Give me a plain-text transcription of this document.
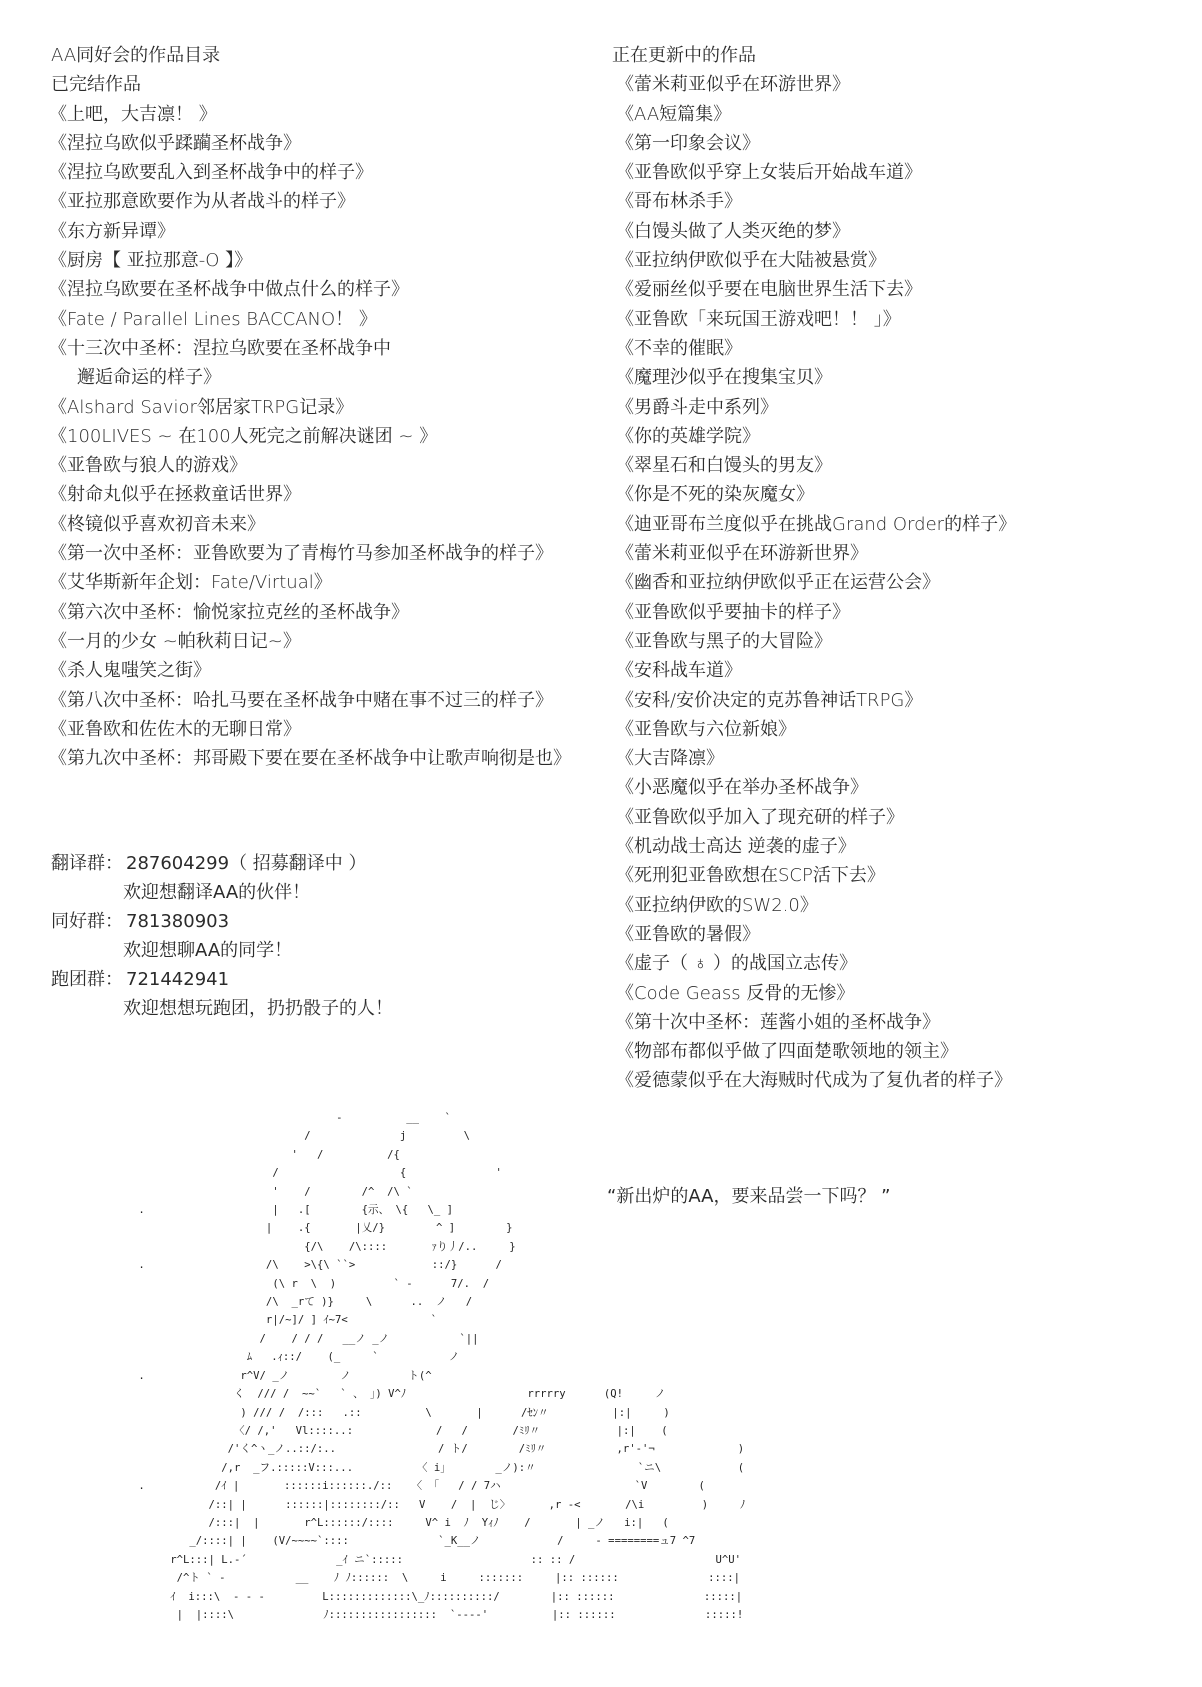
AA同好会的作品目录
已完结作品
《上吧，大吉凛！ 》
《涅拉乌欧似乎蹂躏圣杯战争》
《涅拉乌欧要乱入到圣杯战争中的样子》
《亚拉那意欧要作为从者战斗的样子》
《东方新异谭》
《厨房【 亚拉那意-O 】》
《涅拉乌欧要在圣杯战争中做点什么的样子》
《Fate / Parallel Lines BACCANO！ 》
《十三次中圣杯：涅拉乌欧要在圣杯战争中
邂逅命运的样子》
《Alshard Savior邻居家TRPG记录》
《100LIVES ~ 在100人死完之前解决谜团 ~ 》
《亚鲁欧与狼人的游戏》
《射命丸似乎在拯救童话世界》
《柊镜似乎喜欢初音未来》
《第一次中圣杯：亚鲁欧要为了青梅竹马参加圣杯战争的样子》
《艾华斯新年企划：Fate/Virtual》
《第六次中圣杯：愉悦家拉克丝的圣杯战争》
《一月的少女 ~帕秋莉日记~》
《杀人鬼嗤笑之街》
《第八次中圣杯：哈扎马要在圣杯战争中赌在事不过三的样子》
《亚鲁欧和佐佐木的无聊日常》
《第九次中圣杯：邦哥殿下要在要在圣杯战争中让歌声响彻是也》
正在更新中的作品
《蕾米莉亚似乎在环游世界》
《AA短篇集》
《第一印象会议》
《亚鲁欧似乎穿上女装后开始战车道》
《哥布林杀手》
《白馒头做了人类灭绝的梦》
《亚拉纳伊欧似乎在大陆被悬赏》
《爱丽丝似乎要在电脑世界生活下去》
《亚鲁欧「来玩国王游戏吧！！ 」》
《不幸的催眠》
《魔理沙似乎在搜集宝贝》
《男爵斗走中系列》
《你的英雄学院》
《翠星石和白馒头的男友》
《你是不死的染灰魔女》
《迪亚哥布兰度似乎在挑战Grand Order的样子》
《蕾米莉亚似乎在环游新世界》
《幽香和亚拉纳伊欧似乎正在运营公会》
《亚鲁欧似乎要抽卡的样子》
《亚鲁欧与黑子的大冒险》
《安科战车道》
《安科/安价决定的克苏鲁神话TRPG》
《亚鲁欧与六位新娘》
《大吉降凛》
《小恶魔似乎在举办圣杯战争》
《亚鲁欧似乎加入了现充研的样子》
《机动战士高达 逆袭的虚子》
《死刑犯亚鲁欧想在SCP活下去》
《亚拉纳伊欧的SW2.0》
《亚鲁欧的暑假》
《虚子（ ♁ ）的战国立志传》
《Code Geass 反骨的无惨》
《第十次中圣杯：莲酱小姐的圣杯战争》
《物部布都似乎做了四面楚歌领地的领主》
《爱德蒙似乎在大海贼时代成为了复仇者的样子》
翻译群： 287604299（ 招募翻译中 ）
欢迎想翻译AA的伙伴！
同好群： 781380903
欢迎想聊AA的同学！
跑团群： 721442941
欢迎想想玩跑团，扔扔骰子的人！
“新出炉的AA，要来品尝一下吗？ ”
-          __    `
/              j         \
'   /          /{
/                   {              '
'    /        /^  /\ `
.                    |   .[        {示、 \{   \_ ]
|    .{       |乂/}        ^ ]        }
{/\    /\::::       ｧり丿/..     }
.                   /\    >\{\ ``>            ::/}      /
(\ r  \  )         ` -      7/.  /
/\  _rて )}     \      ..  ノ   /
r|/~]/ ] ｲ~7<             `
/    / / /   __ノ _ノ           `||
ﾑ   .ｨ::/    (_     `           ノ
.               r^V/ _ノ        ノ         ト(^
く  /// /  ~~`   ` 、 」) V^ﾉ                   rrrrry      (Q!     ノ
) /// /  /:::   .::          \       |      /ｾﾝ〃          |:|     )
〈/ /,'   Vl::::..:             /   /       /ﾐﾘ〃            |:|    (
/'く^ヽ_ノ..::/:..                / ト/        /ﾐﾘ〃           ,r'-'¬             )
/,r  _フ.:::::V:::...          〈 i」       _ノ):〃                `ニ\            (
.           /ｲ |       ::::::i::::::./::   〈 「   / / 7ハ                     `V        (
/::| |      ::::::|::::::::/::   V    /  |  じ〉      ,r -<       /\i         )     ﾉ
/:::|  |       r^L::::::/::::     V^ i  ﾉ  Yｨﾉ    /       | _ノ   i:|   (
_/::::| |    (V/~~~~`::::              `_K__ノ            /     - ========ュ7 ^7
r^L:::| L.-´              _ｲ ニ`:::::                    :: :: /                      U^U'
/^ト ` -           __    ﾉ ﾉ::::::  \     i     :::::::     |:: ::::::              ::::|
ｲ  i:::\  - - -         L:::::::::::::\_ﾉ::::::::::/        |:: ::::::              :::::|
|  |::::\              ﾉ:::::::::::::::::  `----'          |:: ::::::              :::::!
